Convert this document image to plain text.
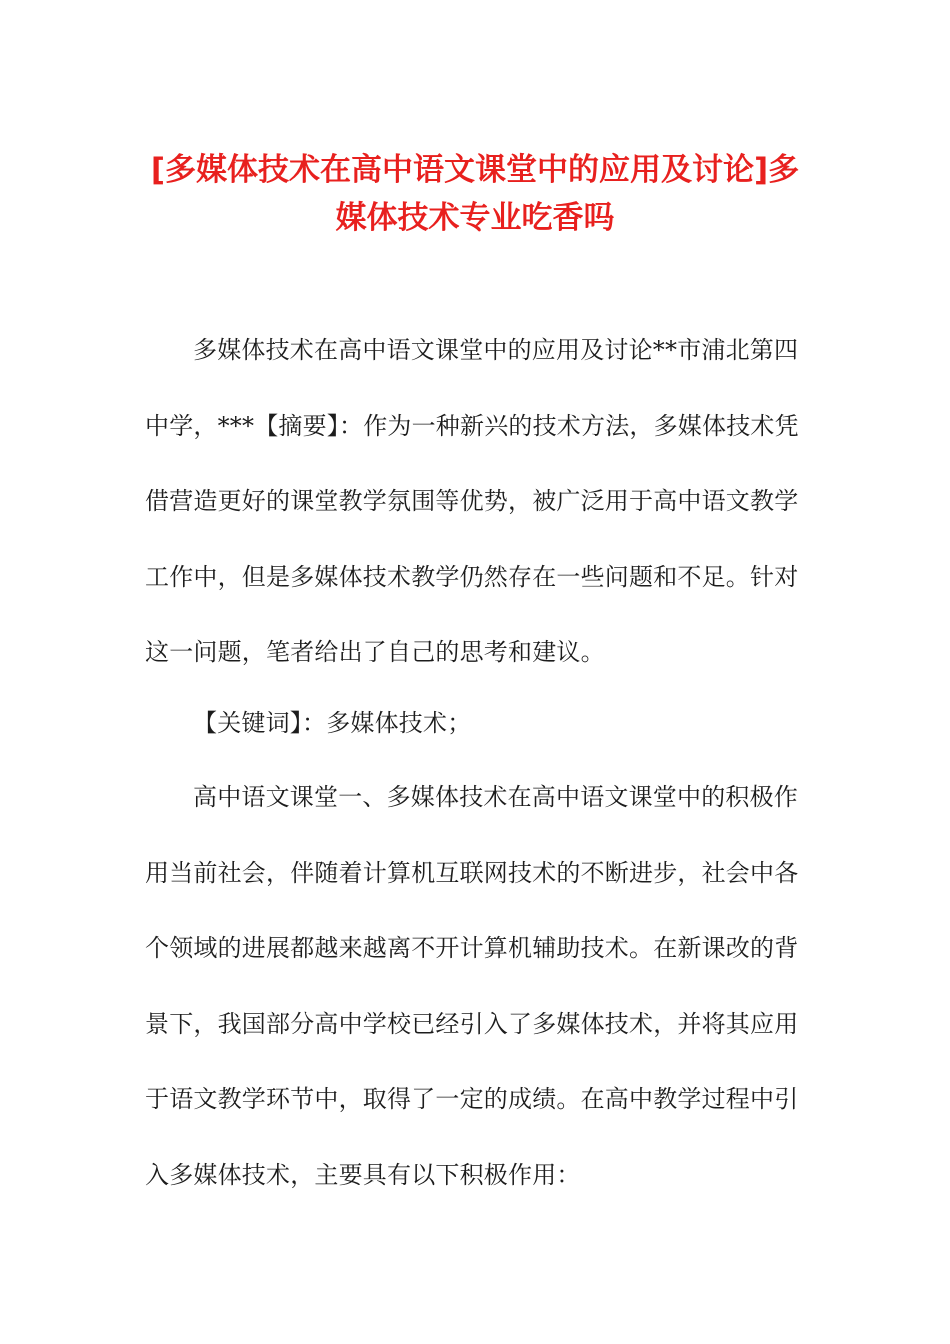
[多媒体技术在高中语文课堂中的应用及讨论]多媒体技术专业吃香吗

多媒体技术在高中语文课堂中的应用及讨论**市浦北第四中学，***【摘要】：作为一种新兴的技术方法，多媒体技术凭借营造更好的课堂教学氛围等优势，被广泛用于高中语文教学工作中，但是多媒体技术教学仍然存在一些问题和不足。针对这一问题，笔者给出了自己的思考和建议。

【关键词】：多媒体技术；

高中语文课堂一、多媒体技术在高中语文课堂中的积极作用当前社会，伴随着计算机互联网技术的不断进步，社会中各个领域的进展都越来越离不开计算机辅助技术。在新课改的背景下，我国部分高中学校已经引入了多媒体技术，并将其应用于语文教学环节中，取得了一定的成绩。在高中教学过程中引入多媒体技术，主要具有以下积极作用：
